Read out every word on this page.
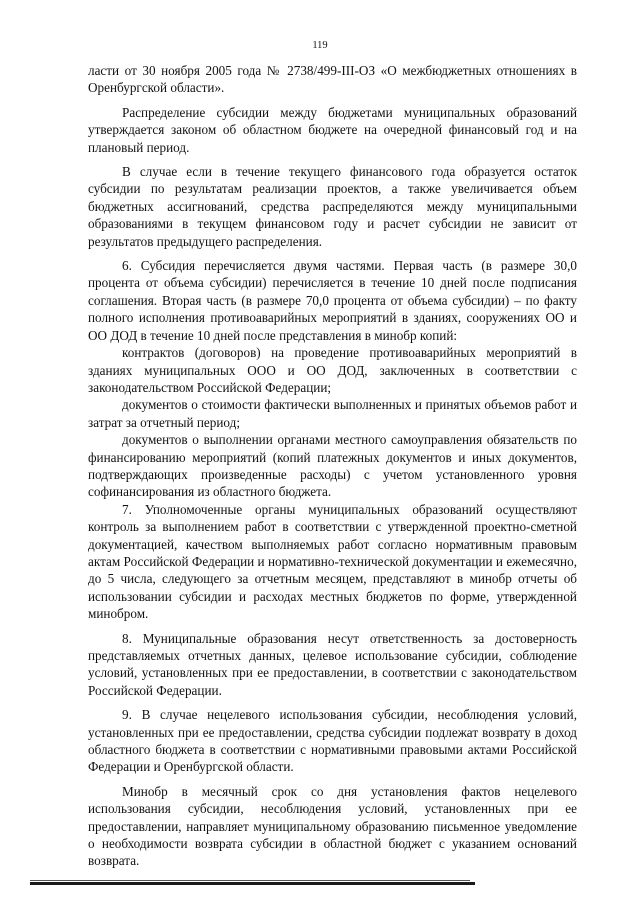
119

ласти от 30 ноября 2005 года № 2738/499-III-ОЗ «О межбюджетных отношениях в Оренбургской области».

Распределение субсидии между бюджетами муниципальных образований утверждается законом об областном бюджете на очередной финансовый год и на плановый период.

В случае если в течение текущего финансового года образуется остаток субсидии по результатам реализации проектов, а также увеличивается объем бюджетных ассигнований, средства распределяются между муниципальными образованиями в текущем финансовом году и расчет субсидии не зависит от результатов предыдущего распределения.

6. Субсидия перечисляется двумя частями. Первая часть (в размере 30,0 процента от объема субсидии) перечисляется в течение 10 дней после подписания соглашения. Вторая часть (в размере 70,0 процента от объема субсидии) – по факту полного исполнения противоаварийных мероприятий в зданиях, сооружениях ОО и ОО ДОД в течение 10 дней после представления в минобр копий:

контрактов (договоров) на проведение противоаварийных мероприятий в зданиях муниципальных ООО и ОО ДОД, заключенных в соответствии с законодательством Российской Федерации;

документов о стоимости фактически выполненных и принятых объемов работ и затрат за отчетный период;

документов о выполнении органами местного самоуправления обязательств по финансированию мероприятий (копий платежных документов и иных документов, подтверждающих произведенные расходы) с учетом установленного уровня софинансирования из областного бюджета.

7. Уполномоченные органы муниципальных образований осуществляют контроль за выполнением работ в соответствии с утвержденной проектно-сметной документацией, качеством выполняемых работ согласно нормативным правовым актам Российской Федерации и нормативно-технической документации и ежемесячно, до 5 числа, следующего за отчетным месяцем, представляют в минобр отчеты об использовании субсидии и расходах местных бюджетов по форме, утвержденной минобром.

8. Муниципальные образования несут ответственность за достоверность представляемых отчетных данных, целевое использование субсидии, соблюдение условий, установленных при ее предоставлении, в соответствии с законодательством Российской Федерации.

9. В случае нецелевого использования субсидии, несоблюдения условий, установленных при ее предоставлении, средства субсидии подлежат возврату в доход областного бюджета в соответствии с нормативными правовыми актами Российской Федерации и Оренбургской области.

Минобр в месячный срок со дня установления фактов нецелевого использования субсидии, несоблюдения условий, установленных при ее предоставлении, направляет муниципальному образованию письменное уведомление о необходимости возврата субсидии в областной бюджет с указанием оснований возврата.
